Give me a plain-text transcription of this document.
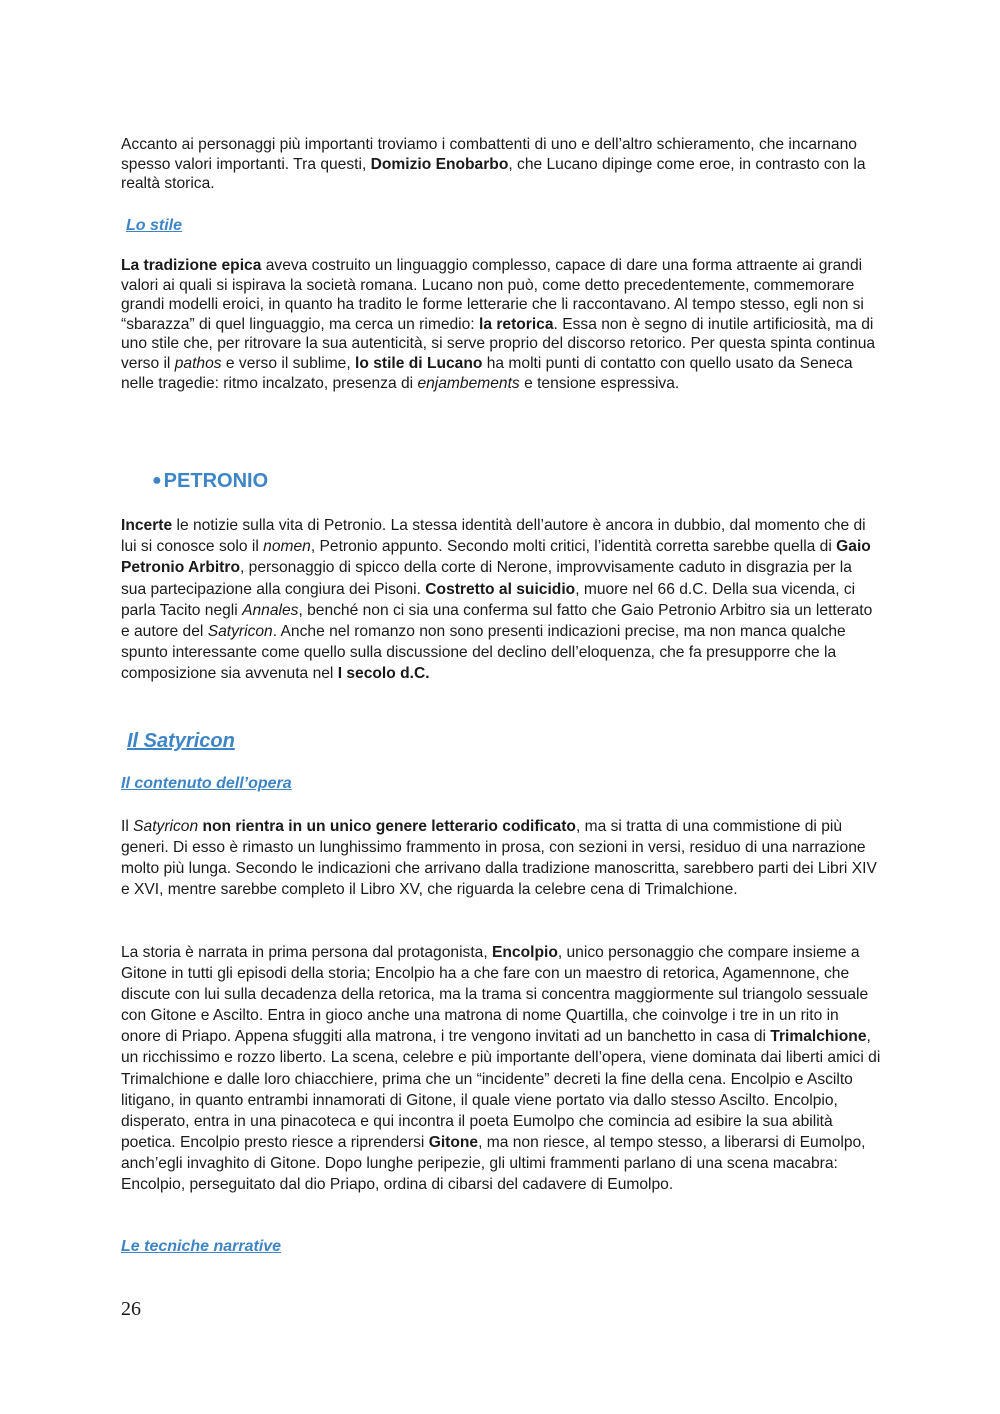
Accanto ai personaggi più importanti troviamo i combattenti di uno e dell’altro schieramento, che incarnano spesso valori importanti. Tra questi, Domizio Enobarbo, che Lucano dipinge come eroe, in contrasto con la realtà storica.

Lo stile

La tradizione epica aveva costruito un linguaggio complesso, capace di dare una forma attraente ai grandi valori ai quali si ispirava la società romana. Lucano non può, come detto precedentemente, commemorare grandi modelli eroici, in quanto ha tradito le forme letterarie che li raccontavano. Al tempo stesso, egli non si “sbarazza” di quel linguaggio, ma cerca un rimedio: la retorica. Essa non è segno di inutile artificiosità, ma di uno stile che, per ritrovare la sua autenticità, si serve proprio del discorso retorico. Per questa spinta continua verso il pathos e verso il sublime, lo stile di Lucano ha molti punti di contatto con quello usato da Seneca nelle tragedie: ritmo incalzato, presenza di enjambements e tensione espressiva.

● PETRONIO

Incerte le notizie sulla vita di Petronio. La stessa identità dell’autore è ancora in dubbio, dal momento che di lui si conosce solo il nomen, Petronio appunto. Secondo molti critici, l’identità corretta sarebbe quella di Gaio Petronio Arbitro, personaggio di spicco della corte di Nerone, improvvisamente caduto in disgrazia per la sua partecipazione alla congiura dei Pisoni. Costretto al suicidio, muore nel 66 d.C. Della sua vicenda, ci parla Tacito negli Annales, benché non ci sia una conferma sul fatto che Gaio Petronio Arbitro sia un letterato e autore del Satyricon. Anche nel romanzo non sono presenti indicazioni precise, ma non manca qualche spunto interessante come quello sulla discussione del declino dell’eloquenza, che fa presupporre che la composizione sia avvenuta nel I secolo d.C.

Il Satyricon

Il contenuto dell’opera

Il Satyricon non rientra in un unico genere letterario codificato, ma si tratta di una commistione di più generi. Di esso è rimasto un lunghissimo frammento in prosa, con sezioni in versi, residuo di una narrazione molto più lunga. Secondo le indicazioni che arrivano dalla tradizione manoscritta, sarebbero parti dei Libri XIV e XVI, mentre sarebbe completo il Libro XV, che riguarda la celebre cena di Trimalchione.

La storia è narrata in prima persona dal protagonista, Encolpio, unico personaggio che compare insieme a Gitone in tutti gli episodi della storia; Encolpio ha a che fare con un maestro di retorica, Agamennone, che discute con lui sulla decadenza della retorica, ma la trama si concentra maggiormente sul triangolo sessuale con Gitone e Ascilto. Entra in gioco anche una matrona di nome Quartilla, che coinvolge i tre in un rito in onore di Priapo. Appena sfuggiti alla matrona, i tre vengono invitati ad un banchetto in casa di Trimalchione, un ricchissimo e rozzo liberto. La scena, celebre e più importante dell’opera, viene dominata dai liberti amici di Trimalchione e dalle loro chiacchiere, prima che un “incidente” decreti la fine della cena. Encolpio e Ascilto litigano, in quanto entrambi innamorati di Gitone, il quale viene portato via dallo stesso Ascilto. Encolpio, disperato, entra in una pinacoteca e qui incontra il poeta Eumolpo che comincia ad esibire la sua abilità poetica. Encolpio presto riesce a riprendersi Gitone, ma non riesce, al tempo stesso, a liberarsi di Eumolpo, anch’egli invaghito di Gitone. Dopo lunghe peripezie, gli ultimi frammenti parlano di una scena macabra: Encolpio, perseguitato dal dio Priapo, ordina di cibarsi del cadavere di Eumolpo.

Le tecniche narrative

26
